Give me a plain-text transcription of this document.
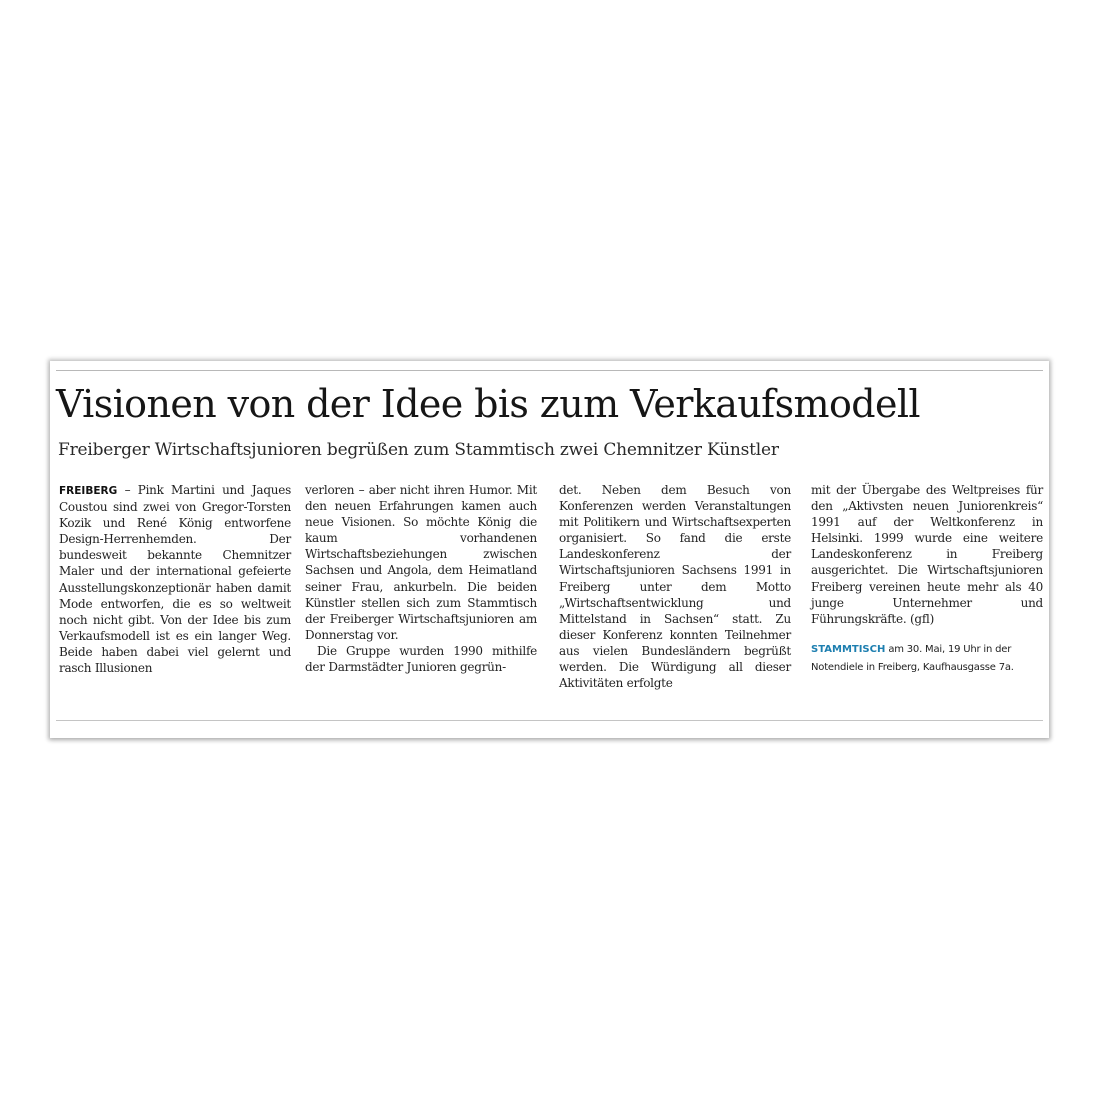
Visionen von der Idee bis zum Verkaufsmodell
Freiberger Wirtschaftsjunioren begrüßen zum Stammtisch zwei Chemnitzer Künstler

FREIBERG – Pink Martini und Jaques Coustou sind zwei von Gregor-Torsten Kozik und René König entworfene Design-Herrenhemden. Der bundesweit bekannte Chemnitzer Maler und der international gefeierte Ausstellungskonzeptionär haben damit Mode entworfen, die es so weltweit noch nicht gibt. Von der Idee bis zum Verkaufsmodell ist es ein langer Weg. Beide haben dabei viel gelernt und rasch Illusionen

verloren – aber nicht ihren Humor. Mit den neuen Erfahrungen kamen auch neue Visionen. So möchte König die kaum vorhandenen Wirtschaftsbeziehungen zwischen Sachsen und Angola, dem Heimatland seiner Frau, ankurbeln. Die beiden Künstler stellen sich zum Stammtisch der Freiberger Wirtschaftsjunioren am Donnerstag vor.

Die Gruppe wurden 1990 mithilfe der Darmstädter Junioren gegrün-

det. Neben dem Besuch von Konferenzen werden Veranstaltungen mit Politikern und Wirtschaftsexperten organisiert. So fand die erste Landeskonferenz der Wirtschaftsjunioren Sachsens 1991 in Freiberg unter dem Motto „Wirtschaftsentwicklung und Mittelstand in Sachsen“ statt. Zu dieser Konferenz konnten Teilnehmer aus vielen Bundesländern begrüßt werden. Die Würdigung all dieser Aktivitäten erfolgte

mit der Übergabe des Weltpreises für den „Aktivsten neuen Juniorenkreis“ 1991 auf der Weltkonferenz in Helsinki. 1999 wurde eine weitere Landeskonferenz in Freiberg ausgerichtet. Die Wirtschaftsjunioren Freiberg vereinen heute mehr als 40 junge Unternehmer und Führungskräfte. (gfl)

STAMMTISCH am 30. Mai, 19 Uhr in der Notendiele in Freiberg, Kaufhausgasse 7a.
